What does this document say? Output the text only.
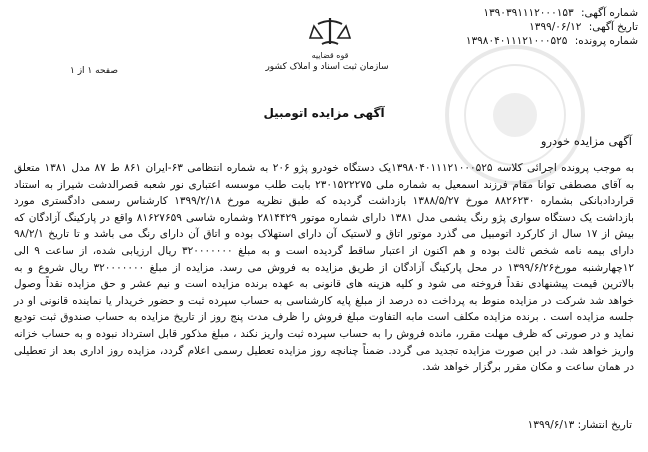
شماره آگهی: ۱۳۹۰۳۹۱۱۱۲۰۰۰۱۵۳
تاریخ آگهی: ۱۳۹۹/۰۶/۱۲
شماره پرونده: ۱۳۹۸۰۴۰۱۱۱۲۱۰۰۰۵۲۵
قوه قضاییه
سازمان ثبت اسناد و املاک کشور
صفحه ۱ از ۱
آگهی مزایده اتومبیل
آگهی مزایده خودرو
به موجب پرونده اجرائی کلاسه ۱۳۹۸۰۴۰۱۱۱۲۱۰۰۰۵۲۵یک دستگاه خودرو پژو ۲۰۶ به شماره انتظامی ۶۳-ایران ۸۶۱ ط ۸۷ مدل ۱۳۸۱ متعلق به آقای مصطفی توانا مقام فرزند اسمعیل به شماره ملی ۲۳۰۱۵۲۲۲۷۵ بابت طلب موسسه اعتباری نور شعبه قصرالدشت شیراز به استناد قراردادبانکی بشماره ۸۸۲۶۲۳۰ مورخ ۱۳۸۸/۵/۲۷ بازداشت گردیده که طبق نظریه مورخ ۱۳۹۹/۲/۱۸ کارشناس رسمی دادگستری مورد بازداشت یک دستگاه سواری پژو رنگ یشمی مدل ۱۳۸۱ دارای شماره موتور ۲۸۱۴۴۲۹ وشماره شاسی ۸۱۶۲۷۶۵۹ واقع در پارکینگ آزادگان که بیش از ۱۷ سال از کارکرد اتومبیل می گذرد موتور اتاق و لاستیک آن دارای استهلاک بوده و اتاق آن دارای رنگ می باشد و تا تاریخ ۹۸/۲/۱ دارای بیمه نامه شخص ثالث بوده و هم اکنون از اعتبار ساقط گردیده است و به مبلغ ۳۲۰۰۰۰۰۰۰ ریال ارزیابی شده، از ساعت ۹ الی ۱۲چهارشنبه مورخ۱۳۹۹/۶/۲۶ در محل پارکینگ آزادگان از طریق مزایده به فروش می رسد. مزایده از مبلغ ۳۲۰۰۰۰۰۰۰ ریال شروع و به بالاترین قیمت پیشنهادی نقداً فروخته می شود و کلیه هزینه های قانونی به عهده برنده مزایده است و نیم عشر و حق مزایده نقداً وصول خواهد شد شرکت در مزایده منوط به پرداخت ده درصد از مبلغ پایه کارشناسی به حساب سپرده ثبت و حضور خریدار یا نماینده قانونی او در جلسه مزایده است . برنده مزایده مکلف است مابه التفاوت مبلغ فروش را ظرف مدت پنج روز از تاریخ مزایده به حساب صندوق ثبت تودیع نماید و در صورتی که ظرف مهلت مقرر، مانده فروش را به حساب سپرده ثبت واریز نکند ، مبلغ مذکور قابل استرداد نبوده و به حساب خزانه واریز خواهد شد. در این صورت مزایده تجدید می گردد. ضمناً چنانچه روز مزایده تعطیل رسمی اعلام گردد، مزایده روز اداری بعد از تعطیلی در همان ساعت و مکان مقرر برگزار خواهد شد.
تاریخ انتشار: ۱۳۹۹/۶/۱۳
